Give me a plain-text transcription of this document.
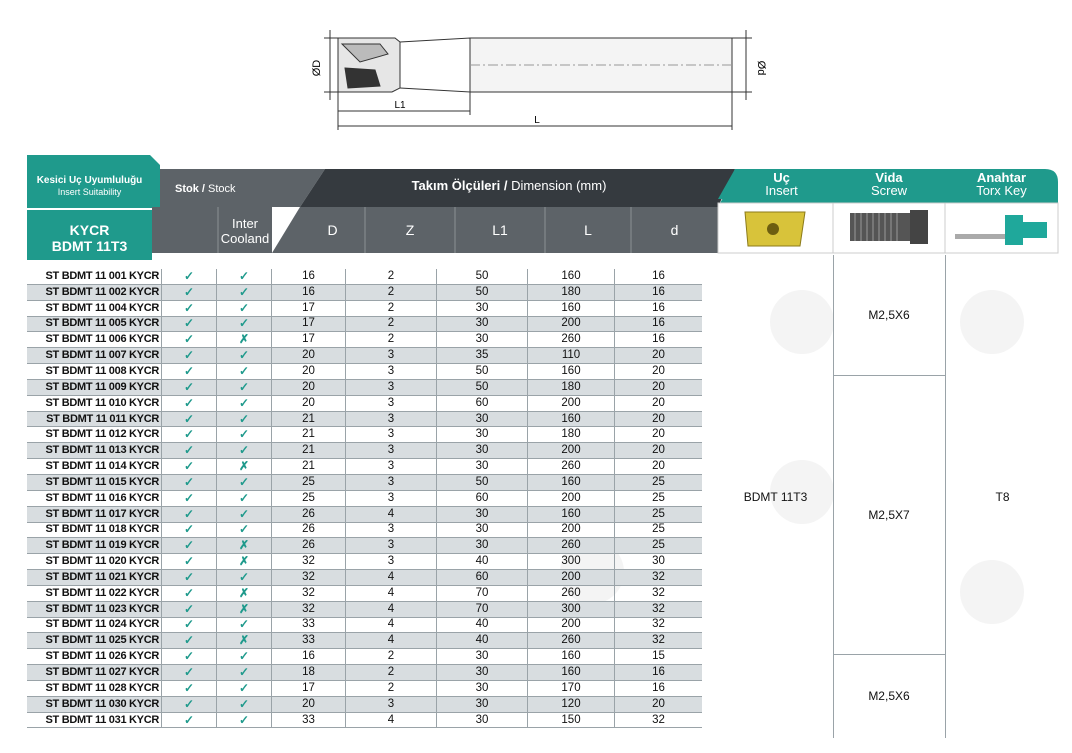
ØD	Ød
L1
L
Kesici Uç Uyumluluğu
Insert Suitability
KYCR
BDMT 11T3
Stok / Stock	Takım Ölçüleri / Dimension (mm)
Uç
Insert
Vida
Screw
Anahtar
Torx Key
Inter
Cooland
D	Z	L1	L	d
ST BDMT 11 001 KYCR	✓	✓	16	2	50	160	16
ST BDMT 11 002 KYCR	✓	✓	16	2	50	180	16
ST BDMT 11 004 KYCR	✓	✓	17	2	30	160	16
ST BDMT 11 005 KYCR	✓	✓	17	2	30	200	16
ST BDMT 11 006 KYCR	✓	✗	17	2	30	260	16
ST BDMT 11 007 KYCR	✓	✓	20	3	35	110	20
ST BDMT 11 008 KYCR	✓	✓	20	3	50	160	20
ST BDMT 11 009 KYCR	✓	✓	20	3	50	180	20
ST BDMT 11 010 KYCR	✓	✓	20	3	60	200	20
ST BDMT 11 011 KYCR	✓	✓	21	3	30	160	20
ST BDMT 11 012 KYCR	✓	✓	21	3	30	180	20
ST BDMT 11 013 KYCR	✓	✓	21	3	30	200	20
ST BDMT 11 014 KYCR	✓	✗	21	3	30	260	20
ST BDMT 11 015 KYCR	✓	✓	25	3	50	160	25
ST BDMT 11 016 KYCR	✓	✓	25	3	60	200	25
ST BDMT 11 017 KYCR	✓	✓	26	4	30	160	25
ST BDMT 11 018 KYCR	✓	✓	26	3	30	200	25
ST BDMT 11 019 KYCR	✓	✗	26	3	30	260	25
ST BDMT 11 020 KYCR	✓	✗	32	3	40	300	30
ST BDMT 11 021 KYCR	✓	✓	32	4	60	200	32
ST BDMT 11 022 KYCR	✓	✗	32	4	70	260	32
ST BDMT 11 023 KYCR	✓	✗	32	4	70	300	32
ST BDMT 11 024 KYCR	✓	✓	33	4	40	200	32
ST BDMT 11 025 KYCR	✓	✗	33	4	40	260	32
ST BDMT 11 026 KYCR	✓	✓	16	2	30	160	15
ST BDMT 11 027 KYCR	✓	✓	18	2	30	160	16
ST BDMT 11 028 KYCR	✓	✓	17	2	30	170	16
ST BDMT 11 030 KYCR	✓	✓	20	3	30	120	20
ST BDMT 11 031 KYCR	✓	✓	33	4	30	150	32
BDMT 11T3
M2,5X6
M2,5X7
M2,5X6
T8
